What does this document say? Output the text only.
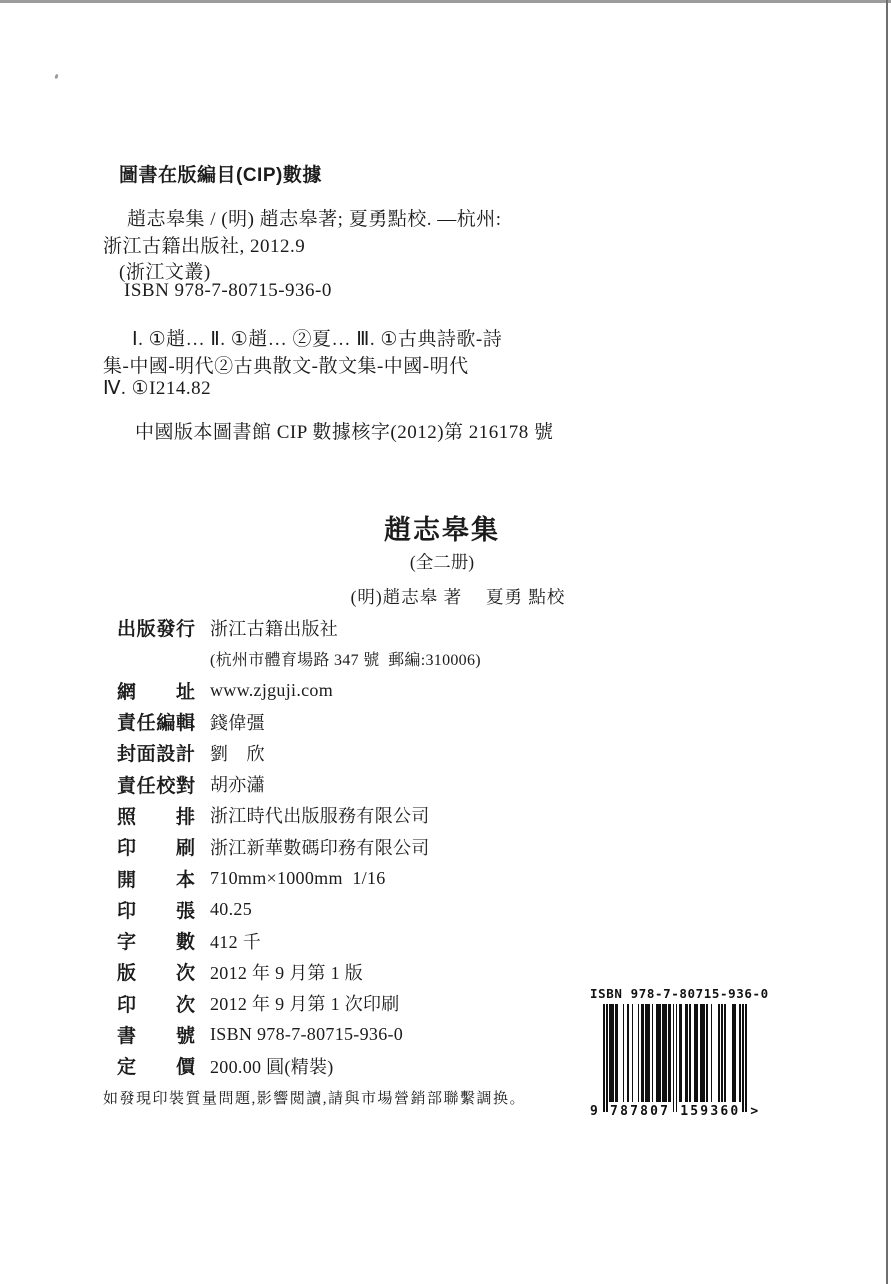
圖書在版編目(CIP)數據
趙志皋集 / (明) 趙志皋著; 夏勇點校. —杭州:
浙江古籍出版社, 2012.9
(浙江文叢)
ISBN 978-7-80715-936-0
Ⅰ. ①趙… Ⅱ. ①趙… ②夏… Ⅲ. ①古典詩歌-詩
集-中國-明代②古典散文-散文集-中國-明代
Ⅳ. ①I214.82
中國版本圖書館 CIP 數據核字(2012)第 216178 號
趙志皋集
(全二册)
(明)趙志皋 著　 夏勇 點校
出版發行 浙江古籍出版社
(杭州市體育場路 347 號  郵編:310006)
網 址 www.zjguji.com
責任編輯 錢偉彊
封面設計 劉　欣
責任校對 胡亦瀟
照 排 浙江時代出版服務有限公司
印 刷 浙江新華數碼印務有限公司
開 本 710mm×1000mm  1/16
印 張 40.25
字 數 412 千
版 次 2012 年 9 月第 1 版
印 次 2012 年 9 月第 1 次印刷
書 號 ISBN 978-7-80715-936-0
定 價 200.00 圓(精裝)
如發現印裝質量問題,影響閲讀,請與市場營銷部聯繫調换。
ISBN 978-7-80715-936-0
9 787807 159360 >
